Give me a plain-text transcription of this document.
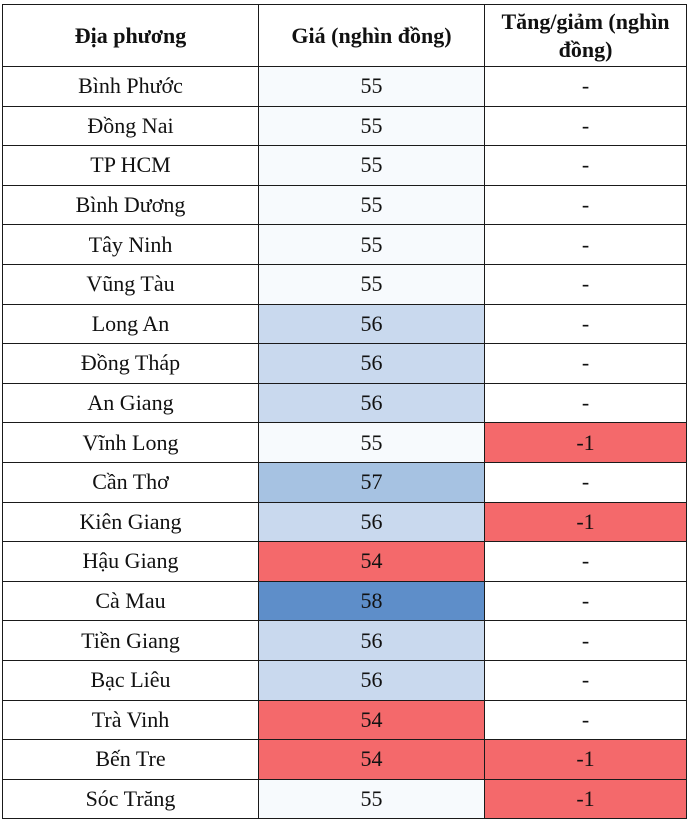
Địa phương	Giá (nghìn đồng)	Tăng/giảm (nghìn đồng)
Bình Phước	55	-
Đồng Nai	55	-
TP HCM	55	-
Bình Dương	55	-
Tây Ninh	55	-
Vũng Tàu	55	-
Long An	56	-
Đồng Tháp	56	-
An Giang	56	-
Vĩnh Long	55	-1
Cần Thơ	57	-
Kiên Giang	56	-1
Hậu Giang	54	-
Cà Mau	58	-
Tiền Giang	56	-
Bạc Liêu	56	-
Trà Vinh	54	-
Bến Tre	54	-1
Sóc Trăng	55	-1
